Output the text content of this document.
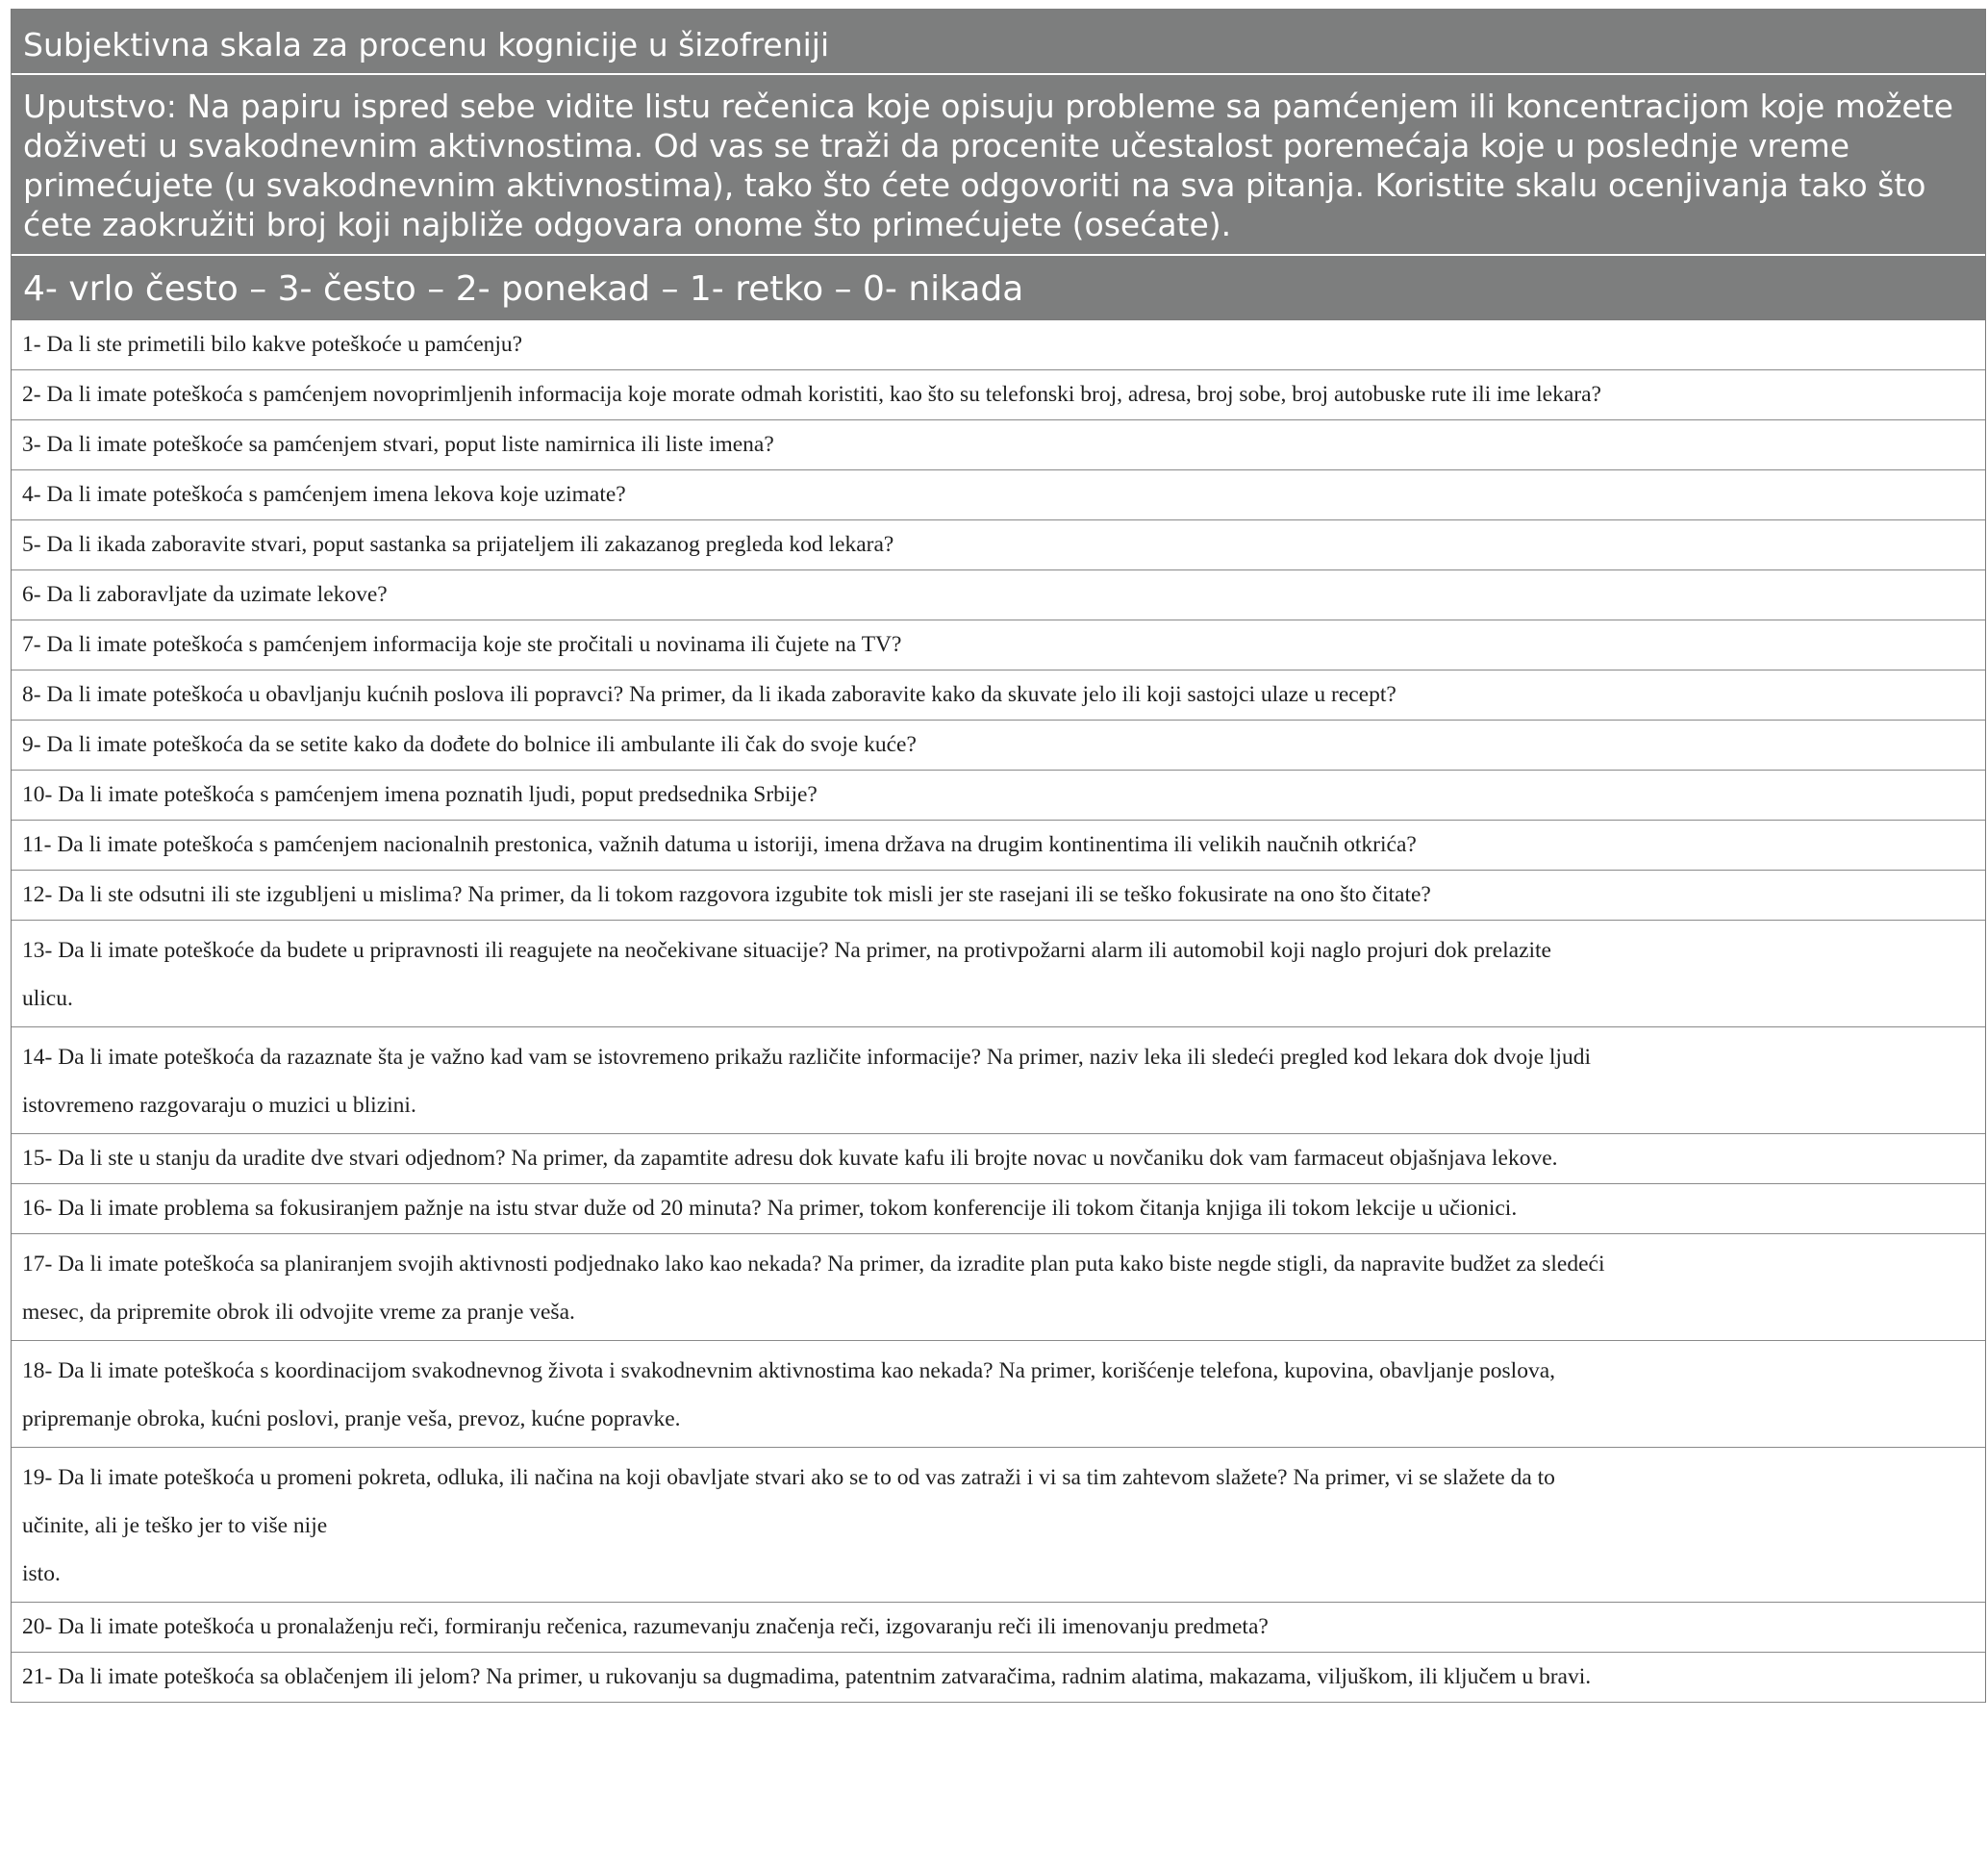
Subjektivna skala za procenu kognicije u šizofreniji
Uputstvo: Na papiru ispred sebe vidite listu rečenica koje opisuju probleme sa pamćenjem ili koncentracijom koje možete doživeti u svakodnevnim aktivnostima. Od vas se traži da procenite učestalost poremećaja koje u poslednje vreme primećujete (u svakodnevnim aktivnostima), tako što ćete odgovoriti na sva pitanja. Koristite skalu ocenjivanja tako što ćete zaokružiti broj koji najbliže odgovara onome što primećujete (osećate).
4- vrlo često – 3- često – 2- ponekad – 1- retko – 0- nikada
1- Da li ste primetili bilo kakve poteškoće u pamćenju?
2- Da li imate poteškoća s pamćenjem novoprimljenih informacija koje morate odmah koristiti, kao što su telefonski broj, adresa, broj sobe, broj autobuske rute ili ime lekara?
3- Da li imate poteškoće sa pamćenjem stvari, poput liste namirnica ili liste imena?
4- Da li imate poteškoća s pamćenjem imena lekova koje uzimate?
5- Da li ikada zaboravite stvari, poput sastanka sa prijateljem ili zakazanog pregleda kod lekara?
6- Da li zaboravljate da uzimate lekove?
7- Da li imate poteškoća s pamćenjem informacija koje ste pročitali u novinama ili čujete na TV?
8- Da li imate poteškoća u obavljanju kućnih poslova ili popravci? Na primer, da li ikada zaboravite kako da skuvate jelo ili koji sastojci ulaze u recept?
9- Da li imate poteškoća da se setite kako da dođete do bolnice ili ambulante ili čak do svoje kuće?
10- Da li imate poteškoća s pamćenjem imena poznatih ljudi, poput predsednika Srbije?
11- Da li imate poteškoća s pamćenjem nacionalnih prestonica, važnih datuma u istoriji, imena država na drugim kontinentima ili velikih naučnih otkrića?
12- Da li ste odsutni ili ste izgubljeni u mislima? Na primer, da li tokom razgovora izgubite tok misli jer ste rasejani ili se teško fokusirate na ono što čitate?
13- Da li imate poteškoće da budete u pripravnosti ili reagujete na neočekivane situacije? Na primer, na protivpožarni alarm ili automobil koji naglo projuri dok prelazite
ulicu.
14- Da li imate poteškoća da razaznate šta je važno kad vam se istovremeno prikažu različite informacije? Na primer, naziv leka ili sledeći pregled kod lekara dok dvoje ljudi
istovremeno razgovaraju o muzici u blizini.
15- Da li ste u stanju da uradite dve stvari odjednom? Na primer, da zapamtite adresu dok kuvate kafu ili brojte novac u novčaniku dok vam farmaceut objašnjava lekove.
16- Da li imate problema sa fokusiranjem pažnje na istu stvar duže od 20 minuta? Na primer, tokom konferencije ili tokom čitanja knjiga ili tokom lekcije u učionici.
17- Da li imate poteškoća sa planiranjem svojih aktivnosti podjednako lako kao nekada? Na primer, da izradite plan puta kako biste negde stigli, da napravite budžet za sledeći
mesec, da pripremite obrok ili odvojite vreme za pranje veša.
18- Da li imate poteškoća s koordinacijom svakodnevnog života i svakodnevnim aktivnostima kao nekada? Na primer, korišćenje telefona, kupovina, obavljanje poslova,
pripremanje obroka, kućni poslovi, pranje veša, prevoz, kućne popravke.
19- Da li imate poteškoća u promeni pokreta, odluka, ili načina na koji obavljate stvari ako se to od vas zatraži i vi sa tim zahtevom slažete? Na primer, vi se slažete da to
učinite, ali je teško jer to više nije
isto.
20- Da li imate poteškoća u pronalaženju reči, formiranju rečenica, razumevanju značenja reči, izgovaranju reči ili imenovanju predmeta?
21- Da li imate poteškoća sa oblačenjem ili jelom? Na primer, u rukovanju sa dugmadima, patentnim zatvaračima, radnim alatima, makazama, viljuškom, ili ključem u bravi.
